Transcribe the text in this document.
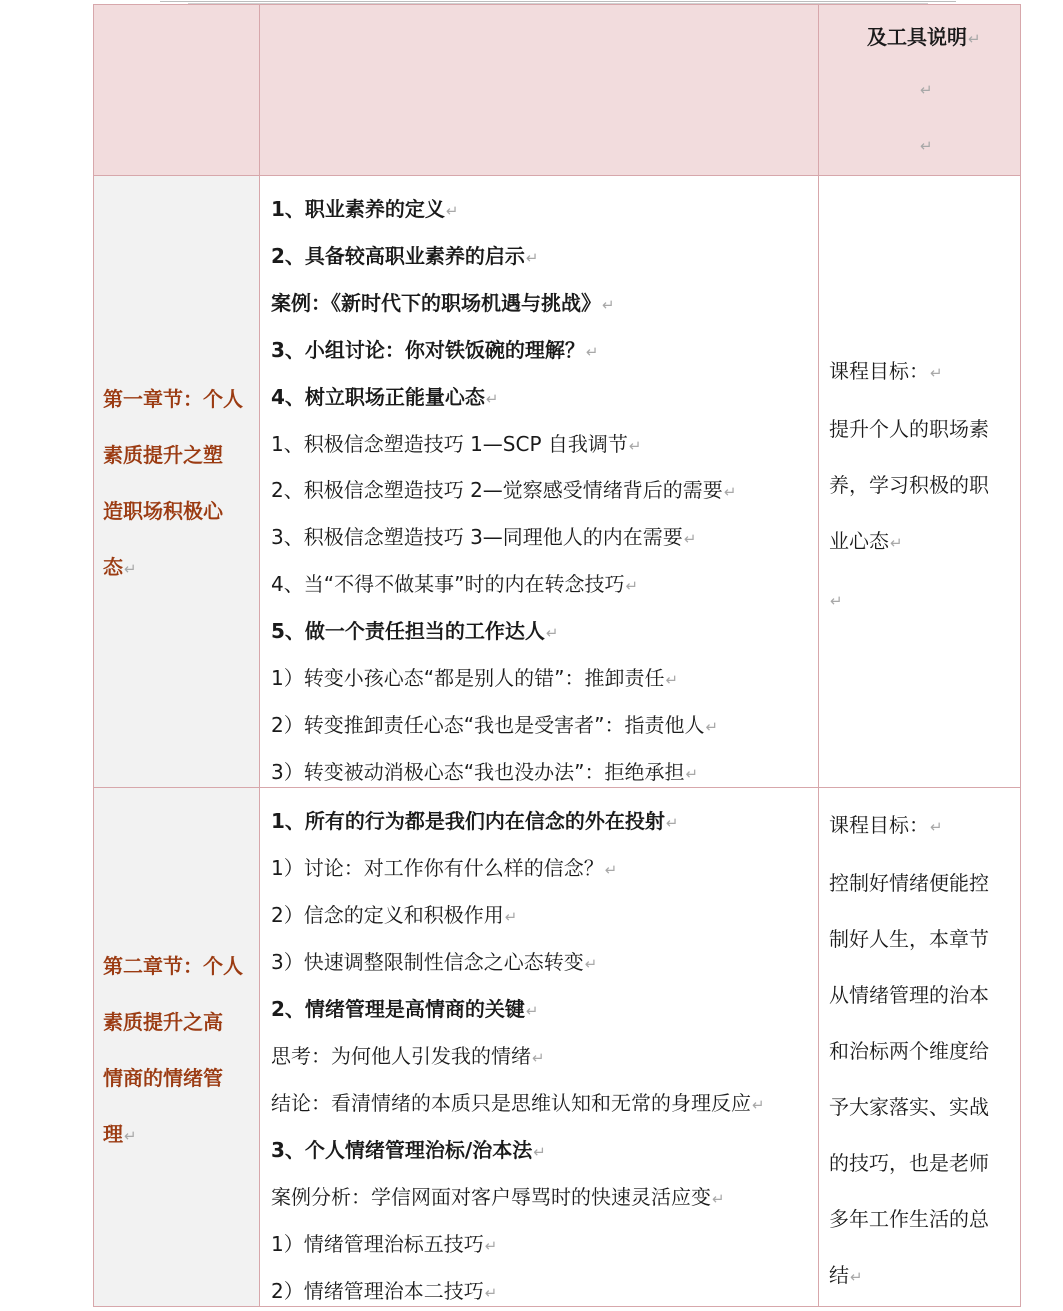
及工具说明↵
↵
↵
第一章节：个人
素质提升之塑
造职场积极心
态↵
1、职业素养的定义↵
2、具备较高职业素养的启示↵
案例：《新时代下的职场机遇与挑战》↵
3、小组讨论：你对铁饭碗的理解？↵
4、树立职场正能量心态↵
1、积极信念塑造技巧 1—SCP 自我调节↵
2、积极信念塑造技巧 2—觉察感受情绪背后的需要↵
3、积极信念塑造技巧 3—同理他人的内在需要↵
4、当“不得不做某事”时的内在转念技巧↵
5、做一个责任担当的工作达人↵
1）转变小孩心态“都是别人的错”：推卸责任↵
2）转变推卸责任心态“我也是受害者”：指责他人↵
3）转变被动消极心态“我也没办法”：拒绝承担↵
课程目标：↵
提升个人的职场素
养，学习积极的职
业心态↵
↵
第二章节：个人
素质提升之高
情商的情绪管
理↵
1、所有的行为都是我们内在信念的外在投射↵
1）讨论：对工作你有什么样的信念？↵
2）信念的定义和积极作用↵
3）快速调整限制性信念之心态转变↵
2、情绪管理是高情商的关键↵
思考：为何他人引发我的情绪↵
结论：看清情绪的本质只是思维认知和无常的身理反应↵
3、个人情绪管理治标/治本法↵
案例分析：学信网面对客户辱骂时的快速灵活应变↵
1）情绪管理治标五技巧↵
2）情绪管理治本二技巧↵
课程目标：↵
控制好情绪便能控
制好人生，本章节
从情绪管理的治本
和治标两个维度给
予大家落实、实战
的技巧，也是老师
多年工作生活的总
结↵
